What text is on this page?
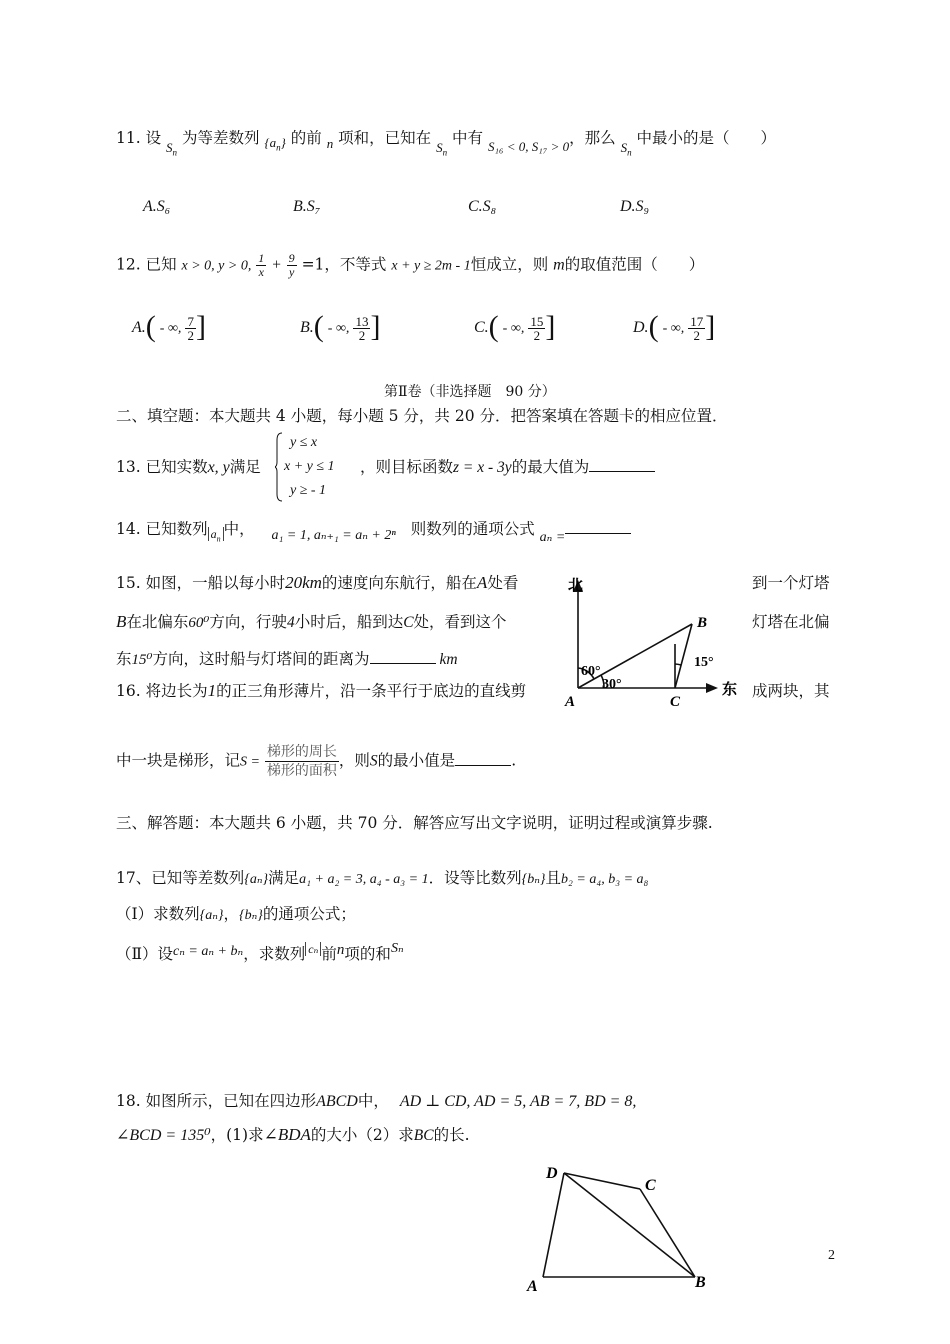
11. 设 $_{S_n}$ 为等差数列 $_{\{a_n\}}$ 的前 $_n$ 项和，已知在 $_{S_n}$ 中有 $_{S_{16} < 0, S_{17} > 0}$，那么 $_{S_n}$ 中最小的是（　　）
A.S₆	B.S₇	C.S₈	D.S₉
12. 已知 x > 0, y > 0, $\frac{1}{x} + \frac{9}{y} =1$，不等式 x + y ≥ 2m - 1恒成立，则 m的取值范围（　　）
A.( - ∞, $\frac{7}{2}$ ]	B.( - ∞, $\frac{13}{2}$ ]	C.( - ∞, $\frac{15}{2}$ ]	D.( - ∞, $\frac{17}{2}$ ]
第Ⅱ卷（非选择题　90 分）
二、填空题：本大题共 4 小题，每小题 5 分，共 20 分．把答案填在答题卡的相应位置．
13. 已知实数x, y满足
y ≤ x
x + y ≤ 1
y ≥ - 1
，则目标函数z = x - 3y的最大值为
14. 已知数列 $_{a_n}$中， a₁ = 1, aₙ₊₁ = aₙ + 2ⁿ 则数列的通项公式 aₙ =
15. 如图，一船以每小时20km的速度向东航行，船在A处看	到一个灯塔
B在北偏东60⁰方向，行驶4小时后，船到达C处，看到这个	灯塔在北偏
东15⁰方向，这时船与灯塔间的距离为	km
北
东
A
B
C
60°
30°
15°
16. 将边长为1的正三角形薄片，沿一条平行于底边的直线剪	成两块，其
中一块是梯形，记$S = \frac{\text{梯形的周长}}{\text{梯形的面积}}$ ，则S的最小值是	.
三、解答题：本大题共 6 小题，共 70 分．解答应写出文字说明，证明过程或演算步骤.
17、已知等差数列{aₙ}满足a₁ + a₂ = 3, a₄ - a₃ = 1．设等比数列{bₙ}且b₂ = a₄, b₃ = a₈
（Ⅰ）求数列{aₙ}，{bₙ}的通项公式；
（Ⅱ）设cₙ = aₙ + bₙ，求数列 $^{c_n}$ 前n项的和Sₙ
18. 如图所示，已知在四边形ABCD中， AD ⊥ CD, AD = 5, AB = 7, BD = 8,
∠BCD = 135⁰，(1)求∠BDA的大小（2）求BC的长.
D
C
A	B
2
